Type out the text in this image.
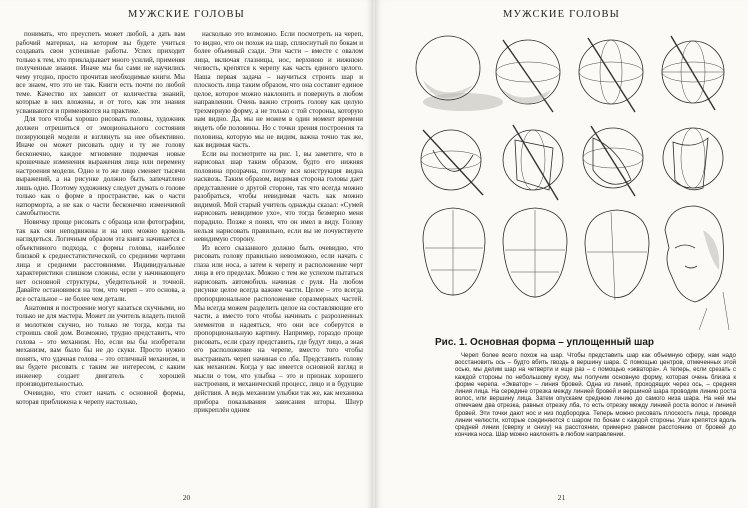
МУЖСКИЕ ГОЛОВЫ

понимать, что преуспеть может любой, а дать вам рабочий материал, на котором вы будете учиться создавать свои успешные работы. Успех приходит только к тем, кто прикладывает много усилий, применяя полученные знания. Иначе мы бы сами не научились чему угодно, просто прочитав необходимые книги. Мы все знаем, что это не так. Книги есть почти по любой теме. Качество их зависит от количества знаний, которые в них вложены, и от того, как эти знания усваиваются и применяются на практике.

Для того чтобы хорошо рисовать головы, художник должен отрешиться от эмоционального состояния позирующей модели и взглянуть на нее объективно. Иначе он может рисовать одну и ту же голову бесконечно, каждое мгновение подмечая новые крошечные изменения выражения лица или перемену настроения модели. Одно и то же лицо сменяет тысячи выражений, а на рисунке должно быть запечатлено лишь одно. Поэтому художнику следует думать о голове только как о форме в пространстве, как о части натюрморта, а не как о части бесконечно изменчивой самобытности.

Новичку проще рисовать с образца или фотографии, так как они неподвижны и на них можно вдоволь наглядеться. Логичным образом эта книга начинается с объективного подхода, с формы головы, наиболее близкой к среднестатистической, со средними чертами лица и средними расстояниями. Индивидуальные характеристики слишком сложны, если у начинающего нет основной структуры, убедительной и точной. Давайте остановимся на том, что череп – это основа, а все остальное – не более чем детали.

Анатомия и построение могут казаться скучными, но только не для мастера. Может ли учитель владеть пилой и молотком скучно, но только не тогда, когда ты строишь свой дом. Возможно, трудно представить, что голова – это механизм. Но, если вы бы изобретали механизм, вам было бы не до скуки. Просто нужно понять, что удачная голова – это отличный механизм, и вы будете рисовать с таким же интересом, с каким инженер создает двигатель с хорошей производительностью.

Очевидно, что стоит начать с основной формы, которая приближена к черепу настолько,

насколько это возможно. Если посмотреть на череп, то видно, что он похож на шар, сплюснутый по бокам и более объемный сзади. Эти части – вместе с овалом лица, включая глазницы, нос, верхнюю и нижнюю челюсть, крепятся к черепу как часть единого целого. Наша первая задача – научиться строить шар и плоскость лица таким образом, что она составит единое целое, которое можно наклонить и повернуть в любом направлении. Очень важно строить голову как целую трехмерную форму, а не только с той стороны, которую нам видно. Да, мы не можем в один момент времени видеть обе половины. Но с точки зрения построения та половина, которую мы не видим, важна точно так же, как видимая часть.

Если вы посмотрите на рис. 1, вы заметите, что в нарисовал шар таким образом, будто его нижняя половина прозрачна, поэтому вся конструкция видна насквозь. Таким образом, видимая сторона головы дает представление о другой стороне, так что всегда можно разобраться, чтобы невидимая часть как можно видимой. Мой старый учитель однажды сказал: «Сумей нарисовать невидимое ухо», что тогда безмерно меня порадило. Позже я понял, что он имел в виду. Голову нельзя нарисовать правильно, если вы не почувствуете невидимую сторону.

Из всего сказанного должно быть очевидно, что рисовать голову правильно невозможно, если начать с глаза или носа, а затем к черепу и расположение черт лица в его пределах. Можно с тем же успехом пытаться нарисовать автомобиль начиная с руля. На любом рисунке целое всегда важнее части. Целое – это всегда пропорциональное расположение соразмерных частей. Мы всегда можем разделить целое на составляющие его части, а вместо того чтобы начинать с разрозненных элементов и надеяться, что они все соберутся в пропорциональную картину. Например, гораздо проще рисовать, если сразу представить, где будут лицо, а зная его расположение на черепе, вместо того чтобы выстраивать череп начиная со лба. Представить голову как механизм. Когда у вас имеется основной взгляд и мысли о том, что улыбка – это и признак хорошего настроения, и механический процесс, лицо и в будущие действия. А ведь механизм улыбки так же, как механика прибора показывания зависания шторы. Шнур прикреплён одним

20
МУЖСКИЕ ГОЛОВЫ
Рис. 1. Основная форма – уплощенный шар

Череп более всего похож на шар. Чтобы представить шар как объемную сферу, нам надо восстановить ось – будто вбить гвоздь в вершину шара. С помощью центров, отмеченных этой осью, мы делим шар на четверти и еще раз – с помощью «экватора». А теперь, если срезать с каждой стороны по небольшому куску, мы получим основную форму, которая очень близка к форме черепа. «Экватор» – линия бровей. Одна из линий, проходящих через ось, – средняя линия лица. На середине отрезка между линией бровей и вершиной шара проводим линию роста волос, или вершину лица. Затем опускаем среднюю линию до самого низа шара. На ней мы отмечаем два отрезка, равных отрезку лба, то есть отрезку между линией роста волос и линией бровей. Эти точки дают нос и низ подбородка. Теперь можно рисовать плоскость лица, проведя линии челюсти, которые соединяются с шаром по бокам с каждой стороны. Уши крепятся вдоль средней линии (сверху и снизу) на расстоянии, примерно равном расстоянию от бровей до кончика носа. Шар можно наклонять в любом направлении.

21
